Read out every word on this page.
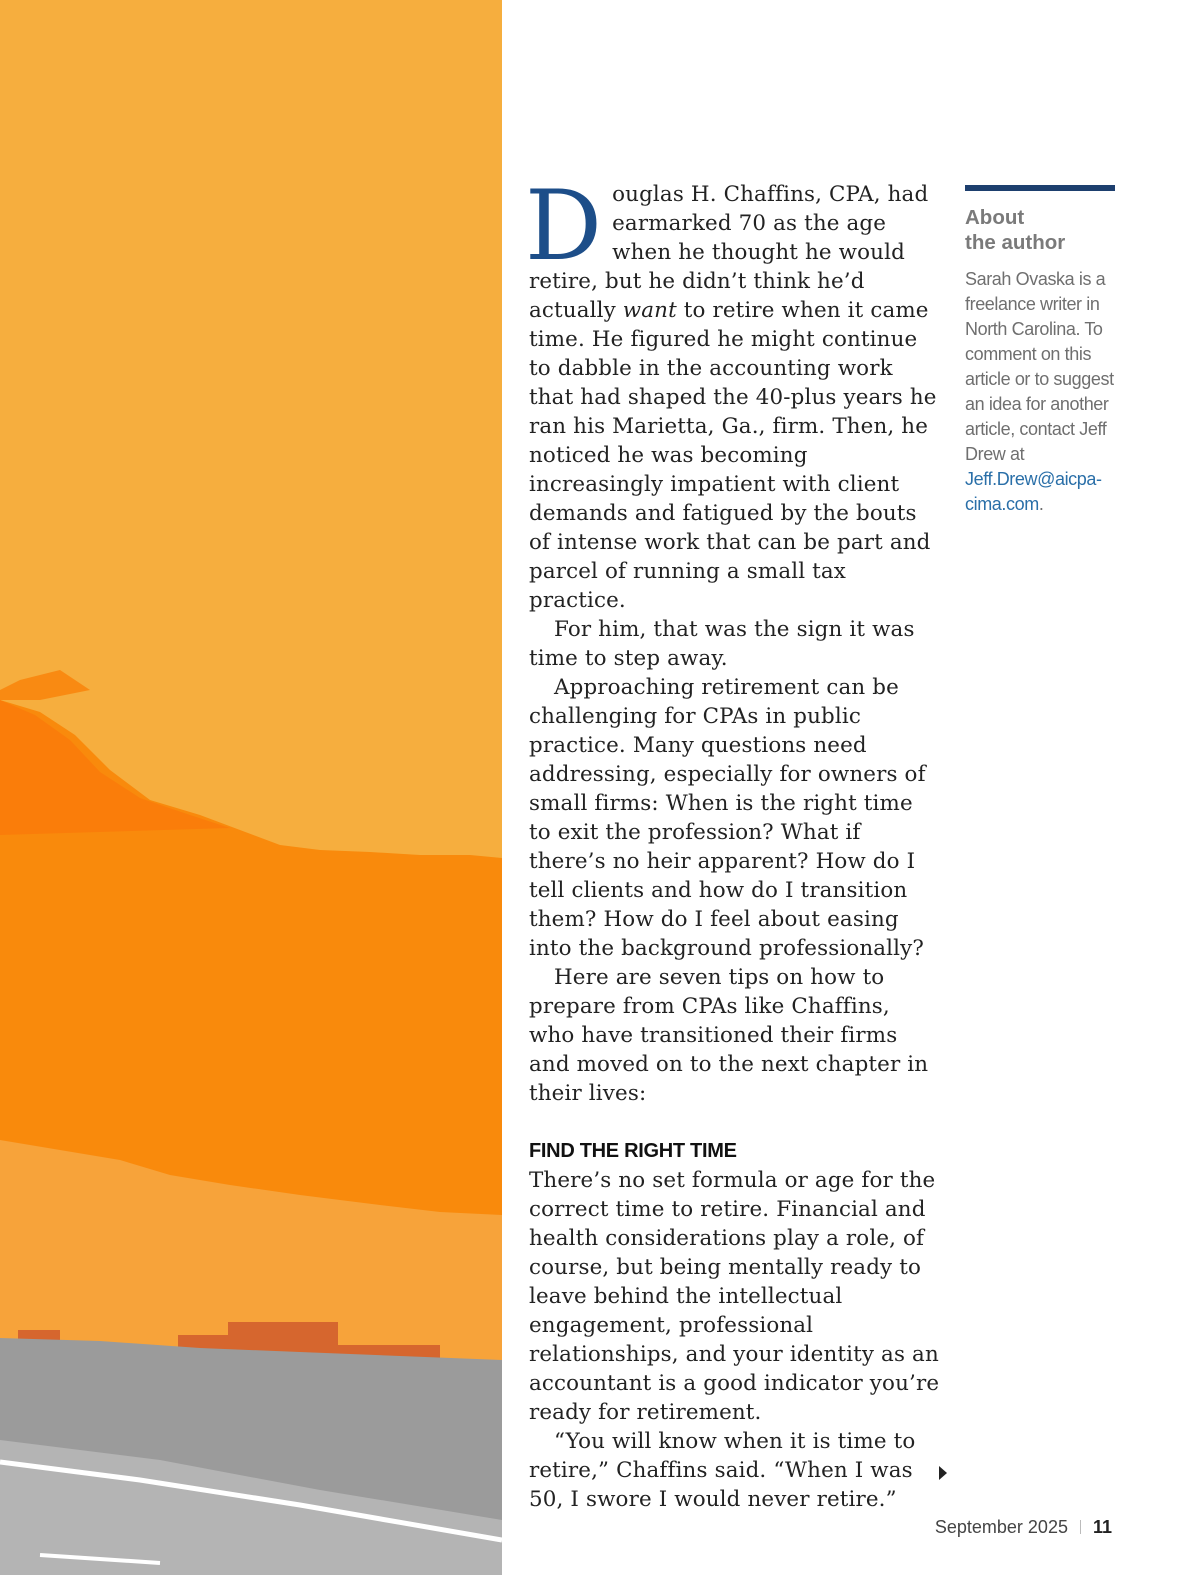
Douglas H. Chaffins, CPA, had earmarked 70 as the age when he thought he would retire, but he didn’t think he’d actually want to retire when it came time. He figured he might continue to dabble in the accounting work that had shaped the 40-plus years he ran his Marietta, Ga., firm. Then, he noticed he was becoming increasingly impatient with client demands and fatigued by the bouts of intense work that can be part and parcel of running a small tax practice.

For him, that was the sign it was time to step away.

Approaching retirement can be challenging for CPAs in public practice. Many questions need addressing, especially for owners of small firms: When is the right time to exit the profession? What if there’s no heir apparent? How do I tell clients and how do I transition them? How do I feel about easing into the background professionally?

Here are seven tips on how to prepare from CPAs like Chaffins, who have transitioned their firms and moved on to the next chapter in their lives:

FIND THE RIGHT TIME

There’s no set formula or age for the correct time to retire. Financial and health considerations play a role, of course, but being mentally ready to leave behind the intellectual engagement, professional relationships, and your identity as an accountant is a good indicator you’re ready for retirement.

“You will know when it is time to retire,” Chaffins said. “When I was 50, I swore I would never retire.”

About
the author
Sarah Ovaska is a freelance writer in North Carolina. To comment on this article or to suggest an idea for another article, contact Jeff Drew at Jeff.Drew@aicpa-cima.com.
September 2025 11
